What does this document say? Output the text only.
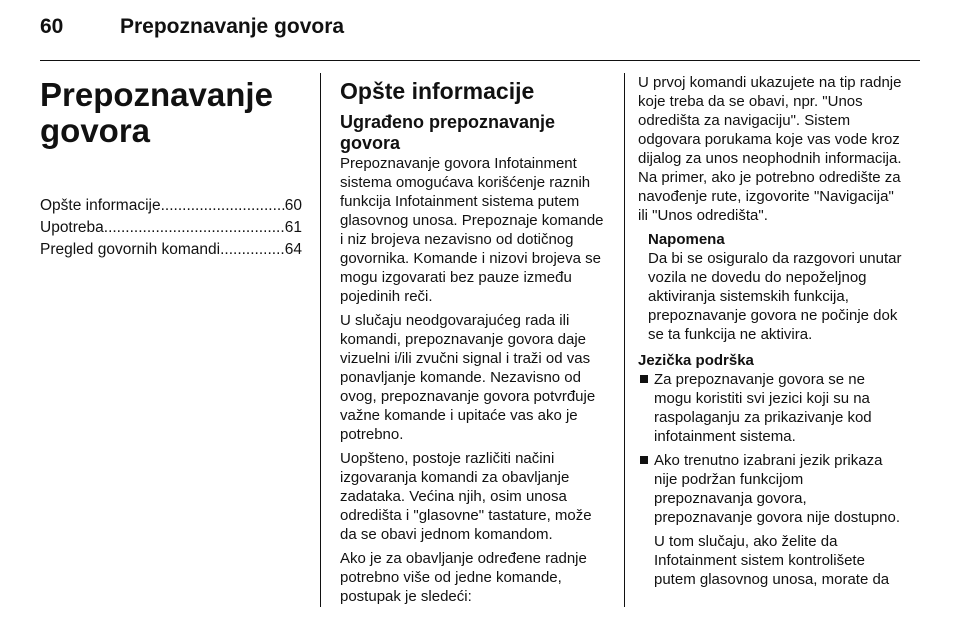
60	Prepoznavanje govora
Prepoznavanje
govora
Opšte informacije .....	60
Upotreba .....	61
Pregled govornih komandi .....	64
Opšte informacije
Ugrađeno prepoznavanje
govora

Prepoznavanje govora Infotainment sistema omogućava korišćenje raznih funkcija Infotainment sistema putem glasovnog unosa. Prepoznaje komande i niz brojeva nezavisno od dotičnog govornika. Komande i nizovi brojeva se mogu izgovarati bez pauze između pojedinih reči.

U slučaju neodgovarajućeg rada ili komandi, prepoznavanje govora daje vizuelni i/ili zvučni signal i traži od vas ponavljanje komande. Nezavisno od ovog, prepoznavanje govora potvrđuje važne komande i upitaće vas ako je potrebno.

Uopšteno, postoje različiti načini izgovaranja komandi za obavljanje zadataka. Većina njih, osim unosa odredišta i "glasovne" tastature, može da se obavi jednom komandom.

Ako je za obavljanje određene radnje potrebno više od jedne komande, postupak je sledeći:

U prvoj komandi ukazujete na tip radnje koje treba da se obavi, npr. "Unos odredišta za navigaciju". Sistem odgovara porukama koje vas vode kroz dijalog za unos neophodnih informacija. Na primer, ako je potrebno odredište za navođenje rute, izgovorite "Navigacija" ili "Unos odredišta".

Napomena

Da bi se osiguralo da razgovori unutar vozila ne dovedu do nepoželjnog aktiviranja sistemskih funkcija, prepoznavanje govora ne počinje dok se ta funkcija ne aktivira.

Jezička podrška
Za prepoznavanje govora se ne mogu koristiti svi jezici koji su na raspolaganju za prikazivanje kod infotainment sistema.
Ako trenutno izabrani jezik prikaza nije podržan funkcijom prepoznavanja govora, prepoznavanje govora nije dostupno.

U tom slučaju, ako želite da Infotainment sistem kontrolišete putem glasovnog unosa, morate da
